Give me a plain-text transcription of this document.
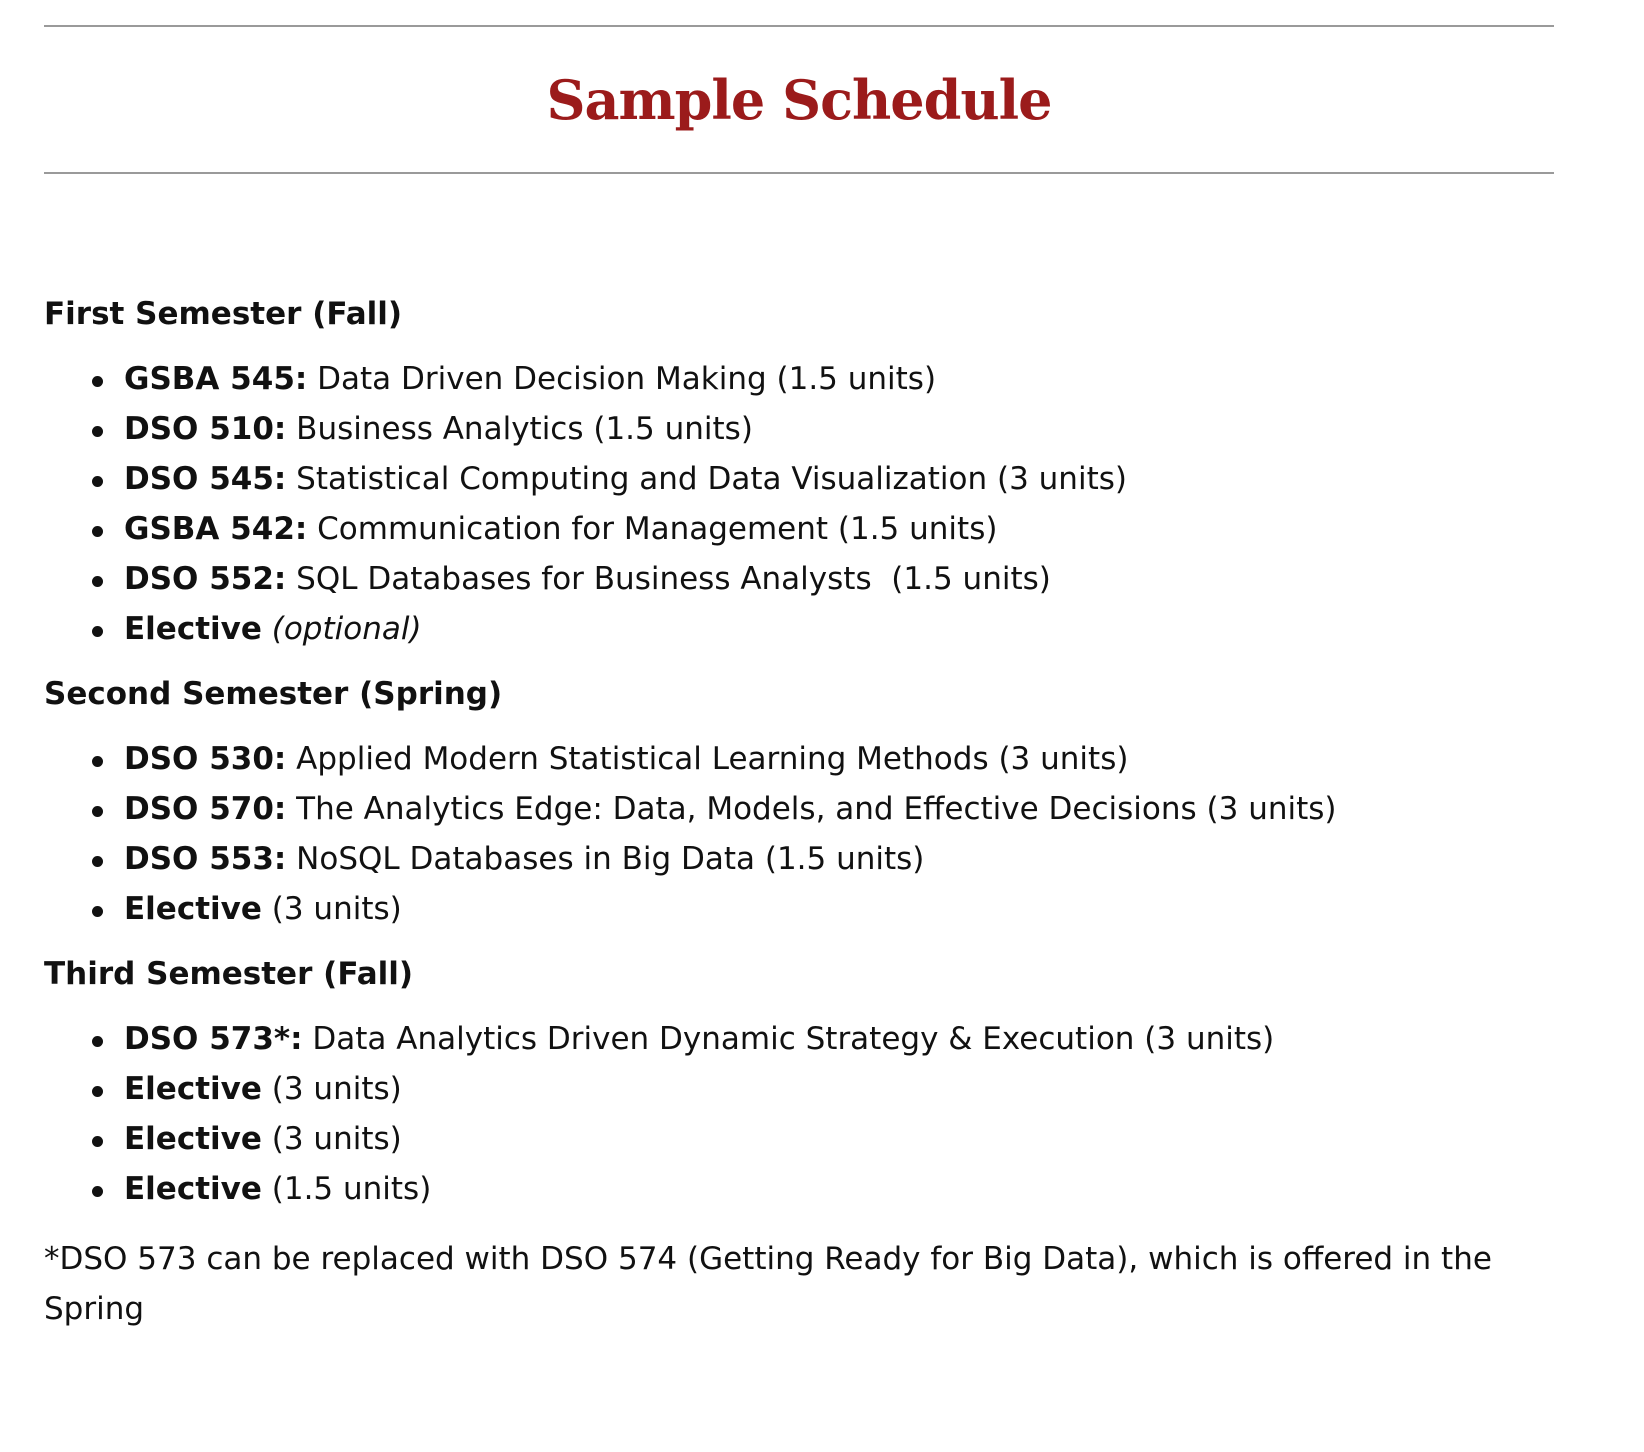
Sample Schedule
First Semester (Fall)
GSBA 545: Data Driven Decision Making (1.5 units)
DSO 510: Business Analytics (1.5 units)
DSO 545: Statistical Computing and Data Visualization (3 units)
GSBA 542: Communication for Management (1.5 units)
DSO 552: SQL Databases for Business Analysts  (1.5 units)
Elective (optional)
Second Semester (Spring)
DSO 530: Applied Modern Statistical Learning Methods (3 units)
DSO 570: The Analytics Edge: Data, Models, and Effective Decisions (3 units)
DSO 553: NoSQL Databases in Big Data (1.5 units)
Elective (3 units)
Third Semester (Fall)
DSO 573*: Data Analytics Driven Dynamic Strategy & Execution (3 units)
Elective (3 units)
Elective (3 units)
Elective (1.5 units)

*DSO 573 can be replaced with DSO 574 (Getting Ready for Big Data), which is offered in the Spring
